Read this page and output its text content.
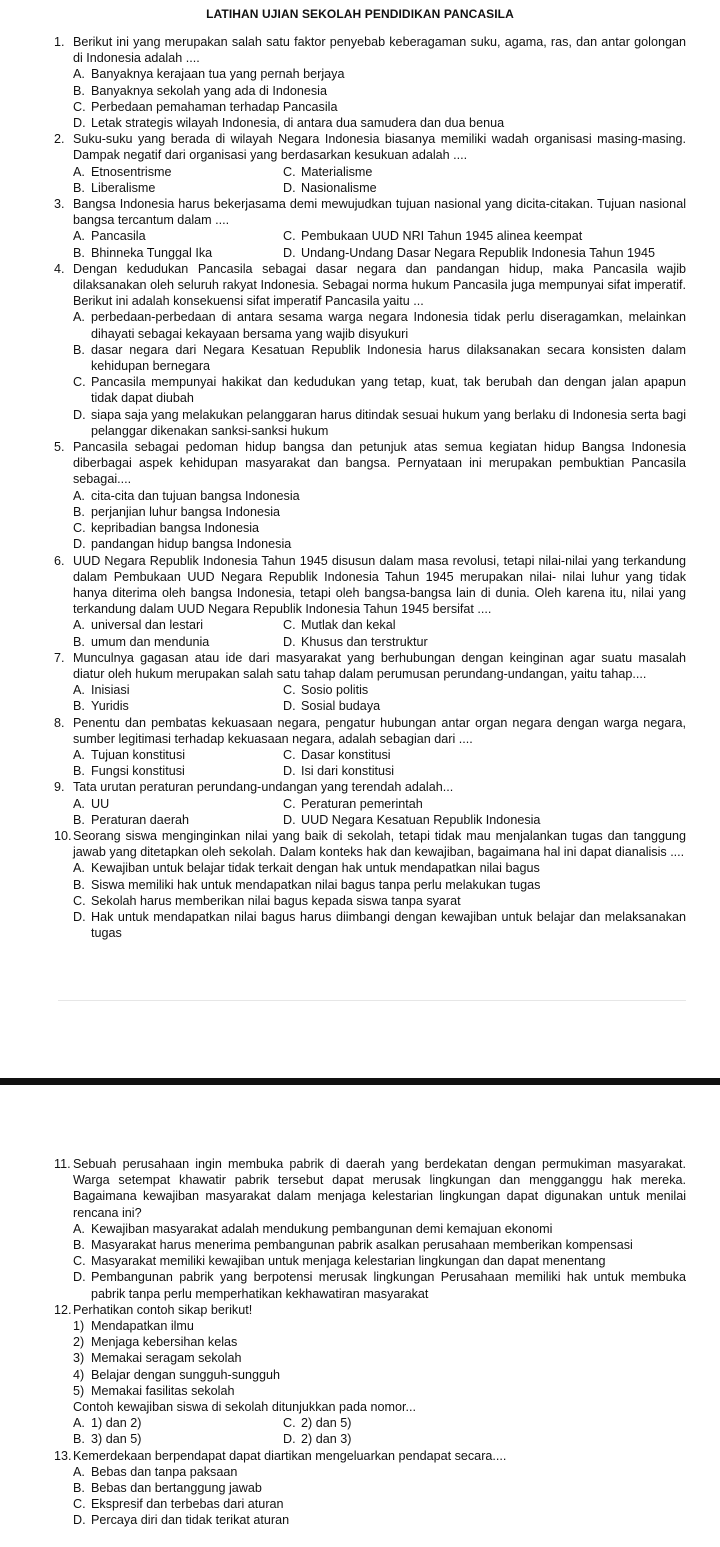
LATIHAN UJIAN SEKOLAH PENDIDIKAN PANCASILA
1. Berikut ini yang merupakan salah satu faktor penyebab keberagaman suku, agama, ras, dan antar golongan di Indonesia adalah ....
A. Banyaknya kerajaan tua yang pernah berjaya
B. Banyaknya sekolah yang ada di Indonesia
C. Perbedaan pemahaman terhadap Pancasila
D. Letak strategis wilayah Indonesia, di antara dua samudera dan dua benua
2. Suku-suku yang berada di wilayah Negara Indonesia biasanya memiliki wadah organisasi masing-masing. Dampak negatif dari organisasi yang berdasarkan kesukuan adalah ....
A. Etnosentrisme	C. Materialisme
B. Liberalisme	D. Nasionalisme
3. Bangsa Indonesia harus bekerjasama demi mewujudkan tujuan nasional yang dicita-citakan. Tujuan nasional bangsa tercantum dalam ....
A. Pancasila	C. Pembukaan UUD NRI Tahun 1945 alinea keempat
B. Bhinneka Tunggal Ika	D. Undang-Undang Dasar Negara Republik Indonesia Tahun 1945
4. Dengan kedudukan Pancasila sebagai dasar negara dan pandangan hidup, maka Pancasila wajib dilaksanakan oleh seluruh rakyat Indonesia. Sebagai norma hukum Pancasila juga mempunyai sifat imperatif. Berikut ini adalah konsekuensi sifat imperatif Pancasila yaitu ...
A. perbedaan-perbedaan di antara sesama warga negara Indonesia tidak perlu diseragamkan, melainkan dihayati sebagai kekayaan bersama yang wajib disyukuri
B. dasar negara dari Negara Kesatuan Republik Indonesia harus dilaksanakan secara konsisten dalam kehidupan bernegara
C. Pancasila mempunyai hakikat dan kedudukan yang tetap, kuat, tak berubah dan dengan jalan apapun tidak dapat diubah
D. siapa saja yang melakukan pelanggaran harus ditindak sesuai hukum yang berlaku di Indonesia serta bagi pelanggar dikenakan sanksi-sanksi hukum
5. Pancasila sebagai pedoman hidup bangsa dan petunjuk atas semua kegiatan hidup Bangsa Indonesia diberbagai aspek kehidupan masyarakat dan bangsa. Pernyataan ini merupakan pembuktian Pancasila sebagai....
A. cita-cita dan tujuan bangsa Indonesia
B. perjanjian luhur bangsa Indonesia
C. kepribadian bangsa Indonesia
D. pandangan hidup bangsa Indonesia
6. UUD Negara Republik Indonesia Tahun 1945 disusun dalam masa revolusi, tetapi nilai-nilai yang terkandung dalam Pembukaan UUD Negara Republik Indonesia Tahun 1945 merupakan nilai- nilai luhur yang tidak hanya diterima oleh bangsa Indonesia, tetapi oleh bangsa-bangsa lain di dunia. Oleh karena itu, nilai yang terkandung dalam UUD Negara Republik Indonesia Tahun 1945 bersifat ....
A. universal dan lestari	C. Mutlak dan kekal
B. umum dan mendunia	D. Khusus dan terstruktur
7. Munculnya gagasan atau ide dari masyarakat yang berhubungan dengan keinginan agar suatu masalah diatur oleh hukum merupakan salah satu tahap dalam perumusan perundang-undangan, yaitu tahap....
A. Inisiasi	C. Sosio politis
B. Yuridis	D. Sosial budaya
8. Penentu dan pembatas kekuasaan negara, pengatur hubungan antar organ negara dengan warga negara, sumber legitimasi terhadap kekuasaan negara, adalah sebagian dari ....
A. Tujuan konstitusi	C. Dasar konstitusi
B. Fungsi konstitusi	D. Isi dari konstitusi
9. Tata urutan peraturan perundang-undangan yang terendah adalah...
A. UU	C. Peraturan pemerintah
B. Peraturan daerah	D. UUD Negara Kesatuan Republik Indonesia
10. Seorang siswa menginginkan nilai yang baik di sekolah, tetapi tidak mau menjalankan tugas dan tanggung jawab yang ditetapkan oleh sekolah. Dalam konteks hak dan kewajiban, bagaimana hal ini dapat dianalisis ....
A. Kewajiban untuk belajar tidak terkait dengan hak untuk mendapatkan nilai bagus
B. Siswa memiliki hak untuk mendapatkan nilai bagus tanpa perlu melakukan tugas
C. Sekolah harus memberikan nilai bagus kepada siswa tanpa syarat
D. Hak untuk mendapatkan nilai bagus harus diimbangi dengan kewajiban untuk belajar dan melaksanakan tugas
11. Sebuah perusahaan ingin membuka pabrik di daerah yang berdekatan dengan permukiman masyarakat. Warga setempat khawatir pabrik tersebut dapat merusak lingkungan dan mengganggu hak mereka. Bagaimana kewajiban masyarakat dalam menjaga kelestarian lingkungan dapat digunakan untuk menilai rencana ini?
A. Kewajiban masyarakat adalah mendukung pembangunan demi kemajuan ekonomi
B. Masyarakat harus menerima pembangunan pabrik asalkan perusahaan memberikan kompensasi
C. Masyarakat memiliki kewajiban untuk menjaga kelestarian lingkungan dan dapat menentang
D. Pembangunan pabrik yang berpotensi merusak lingkungan Perusahaan memiliki hak untuk membuka pabrik tanpa perlu memperhatikan kekhawatiran masyarakat
12. Perhatikan contoh sikap berikut!
1) Mendapatkan ilmu
2) Menjaga kebersihan kelas
3) Memakai seragam sekolah
4) Belajar dengan sungguh-sungguh
5) Memakai fasilitas sekolah
Contoh kewajiban siswa di sekolah ditunjukkan pada nomor...
A. 1) dan 2)	C. 2) dan 5)
B. 3) dan 5)	D. 2) dan 3)
13. Kemerdekaan berpendapat dapat diartikan mengeluarkan pendapat secara....
A. Bebas dan tanpa paksaan
B. Bebas dan bertanggung jawab
C. Ekspresif dan terbebas dari aturan
D. Percaya diri dan tidak terikat aturan
